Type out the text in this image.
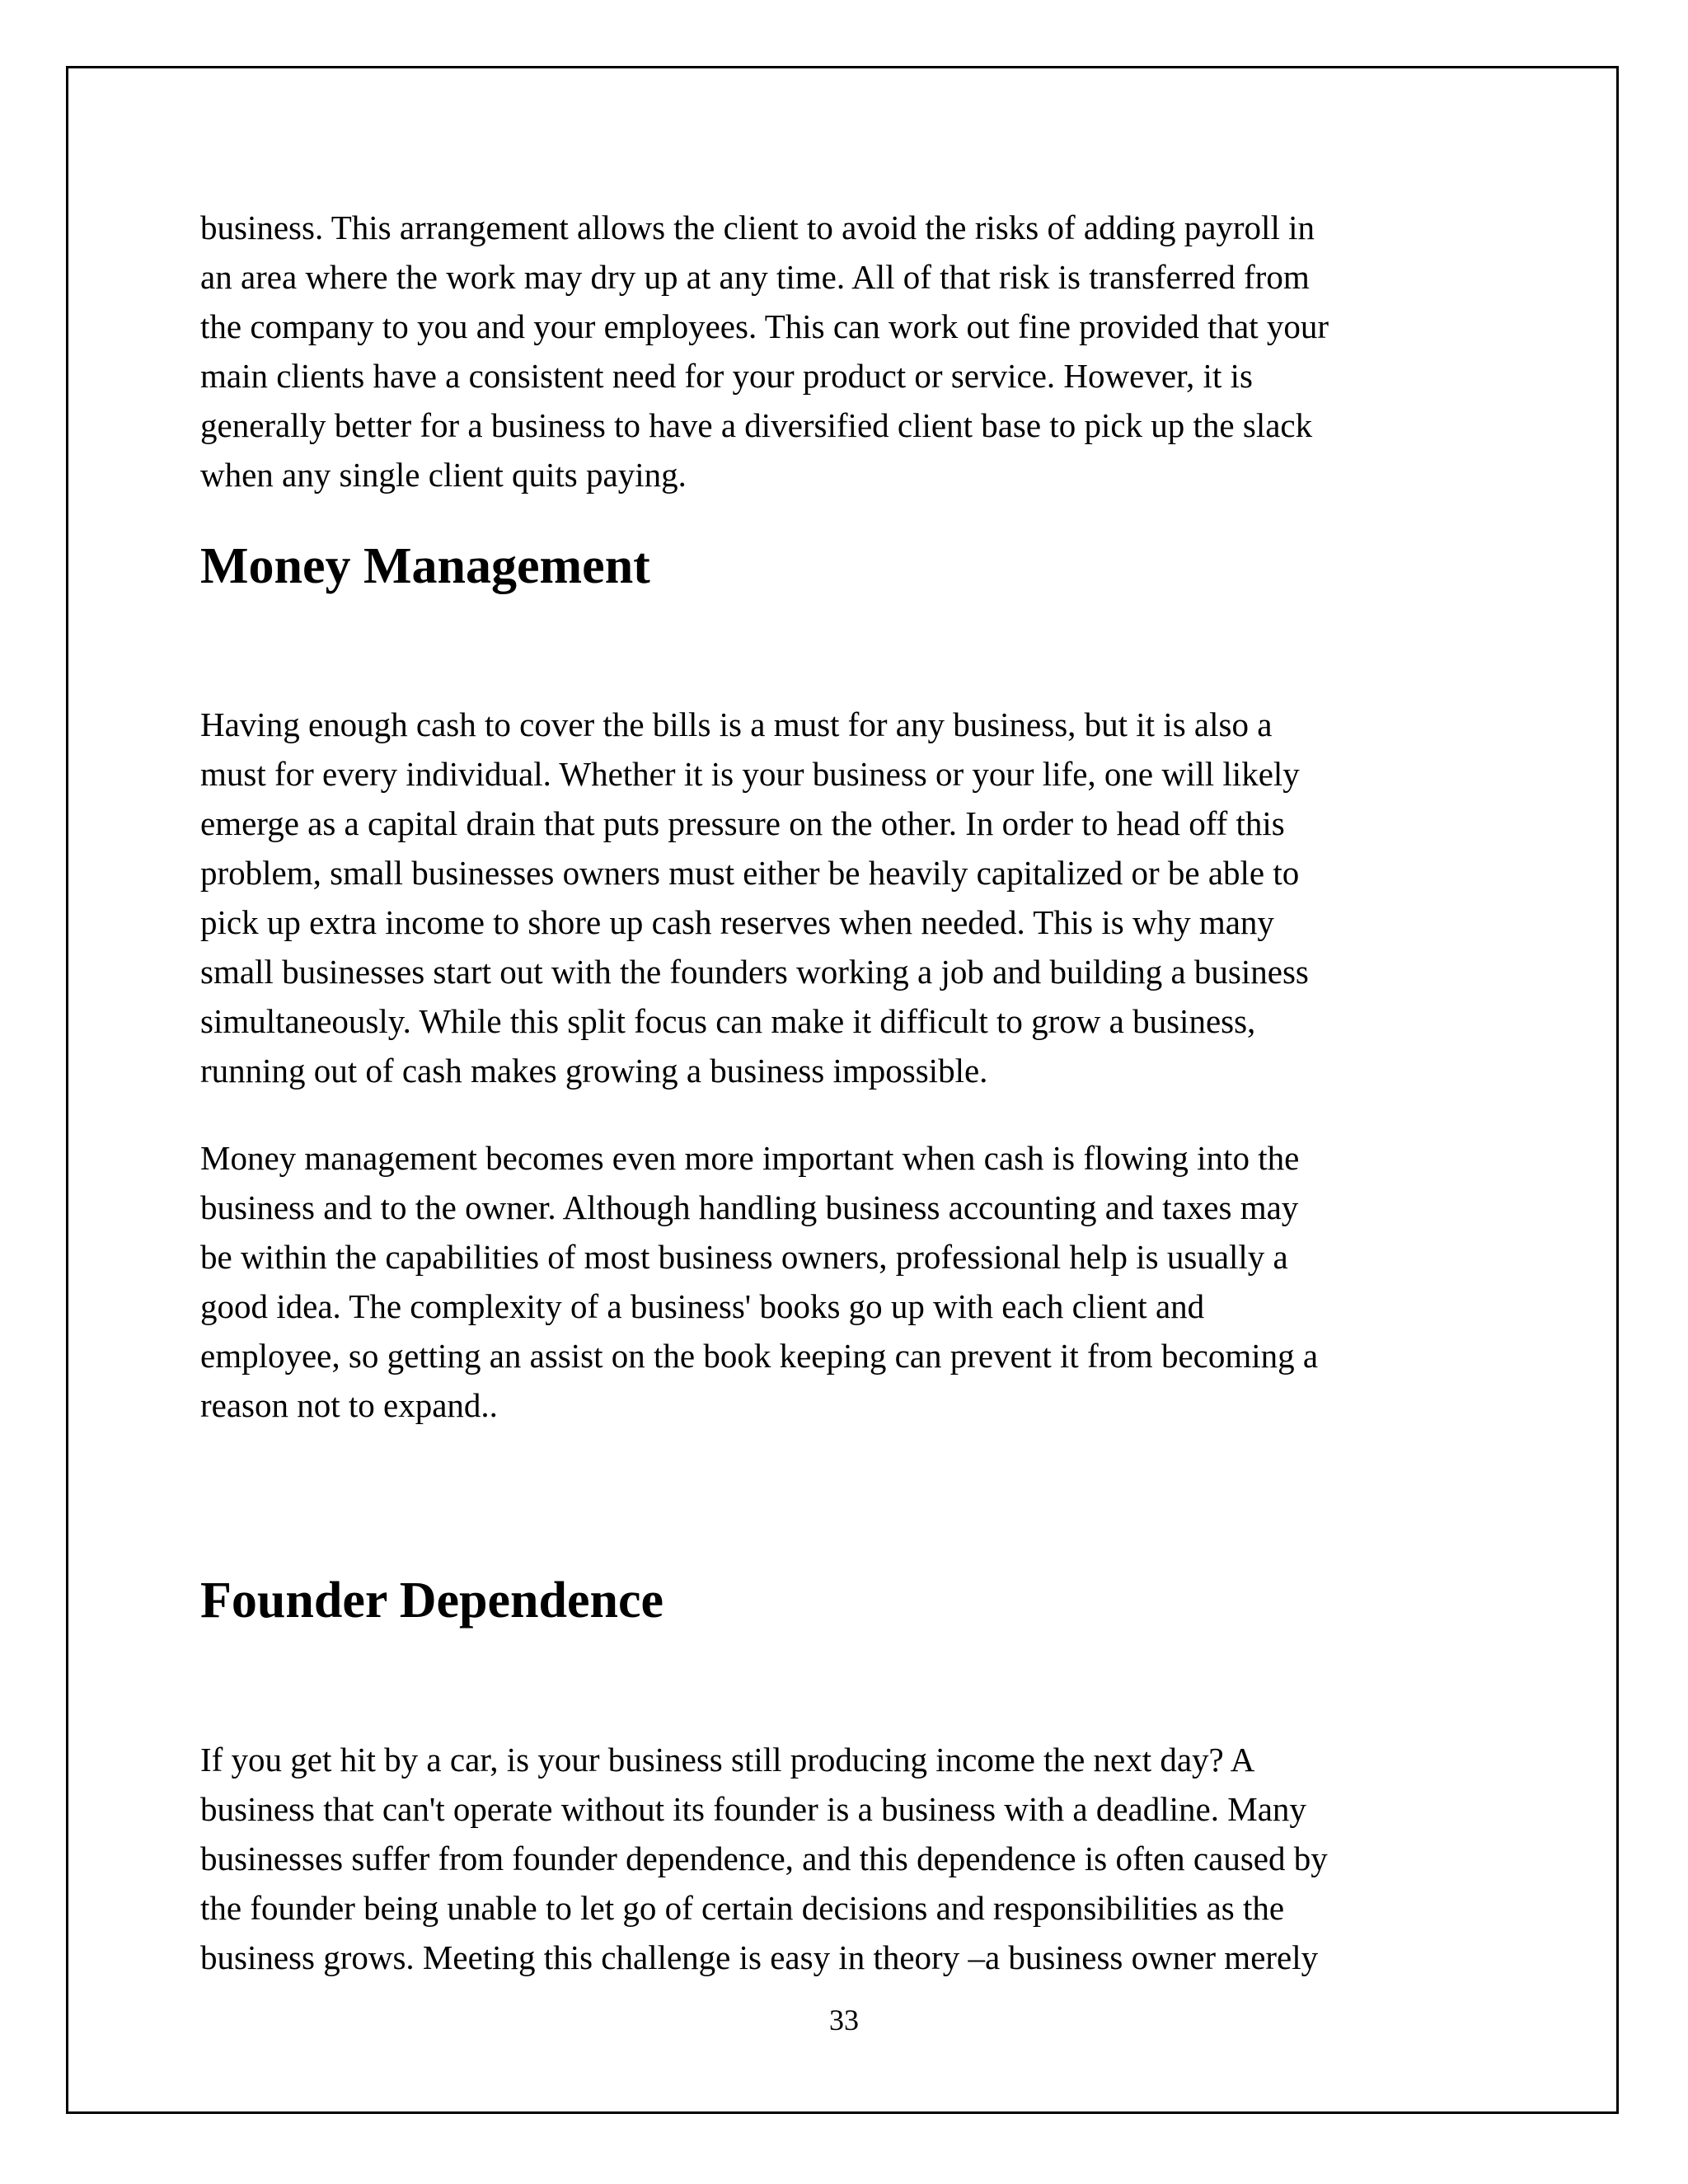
business. This arrangement allows the client to avoid the risks of adding payroll in
an area where the work may dry up at any time. All of that risk is transferred from
the company to you and your employees. This can work out fine provided that your
main clients have a consistent need for your product or service. However, it is
generally better for a business to have a diversified client base to pick up the slack
when any single client quits paying.

Money Management

Having enough cash to cover the bills is a must for any business, but it is also a
must for every individual. Whether it is your business or your life, one will likely
emerge as a capital drain that puts pressure on the other. In order to head off this
problem, small businesses owners must either be heavily capitalized or be able to
pick up extra income to shore up cash reserves when needed. This is why many
small businesses start out with the founders working a job and building a business
simultaneously. While this split focus can make it difficult to grow a business,
running out of cash makes growing a business impossible.

Money management becomes even more important when cash is flowing into the
business and to the owner. Although handling business accounting and taxes may
be within the capabilities of most business owners, professional help is usually a
good idea. The complexity of a business' books go up with each client and
employee, so getting an assist on the book keeping can prevent it from becoming a
reason not to expand..

Founder Dependence

If you get hit by a car, is your business still producing income the next day? A
business that can't operate without its founder is a business with a deadline. Many
businesses suffer from founder dependence, and this dependence is often caused by
the founder being unable to let go of certain decisions and responsibilities as the
business grows. Meeting this challenge is easy in theory –a business owner merely

33
